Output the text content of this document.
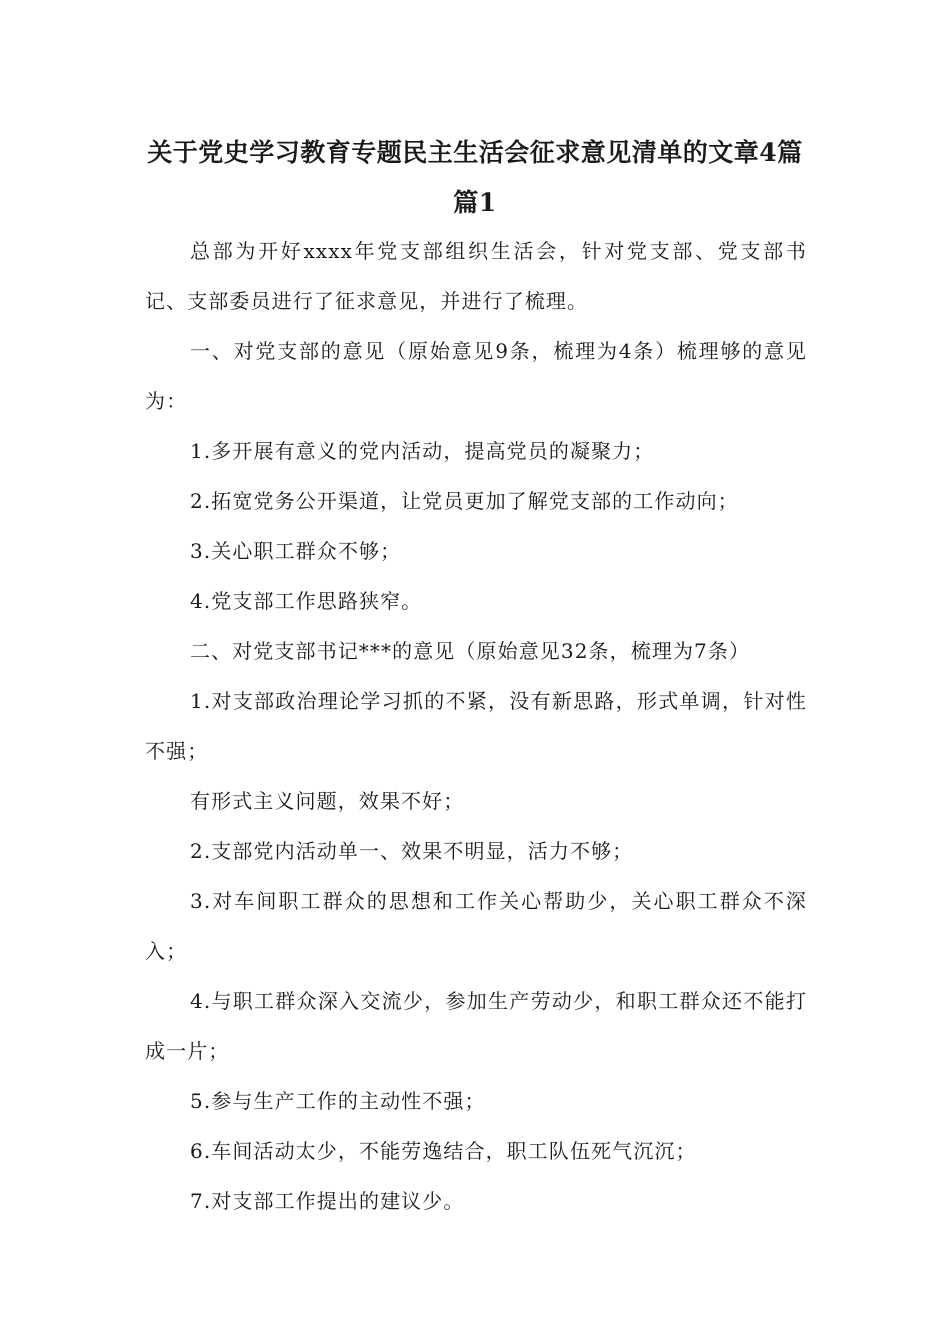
关于党史学习教育专题民主生活会征求意见清单的文章4篇
篇1

总部为开好xxxx年党支部组织生活会，针对党支部、党支部书记、支部委员进行了征求意见，并进行了梳理。

一、对党支部的意见（原始意见9条，梳理为4条）梳理够的意见为：

1.多开展有意义的党内活动，提高党员的凝聚力；

2.拓宽党务公开渠道，让党员更加了解党支部的工作动向；

3.关心职工群众不够；

4.党支部工作思路狭窄。

二、对党支部书记***的意见（原始意见32条，梳理为7条）

1.对支部政治理论学习抓的不紧，没有新思路，形式单调，针对性不强；

有形式主义问题，效果不好；

2.支部党内活动单一、效果不明显，活力不够；

3.对车间职工群众的思想和工作关心帮助少，关心职工群众不深入；

4.与职工群众深入交流少，参加生产劳动少，和职工群众还不能打成一片；

5.参与生产工作的主动性不强；

6.车间活动太少，不能劳逸结合，职工队伍死气沉沉；

7.对支部工作提出的建议少。
